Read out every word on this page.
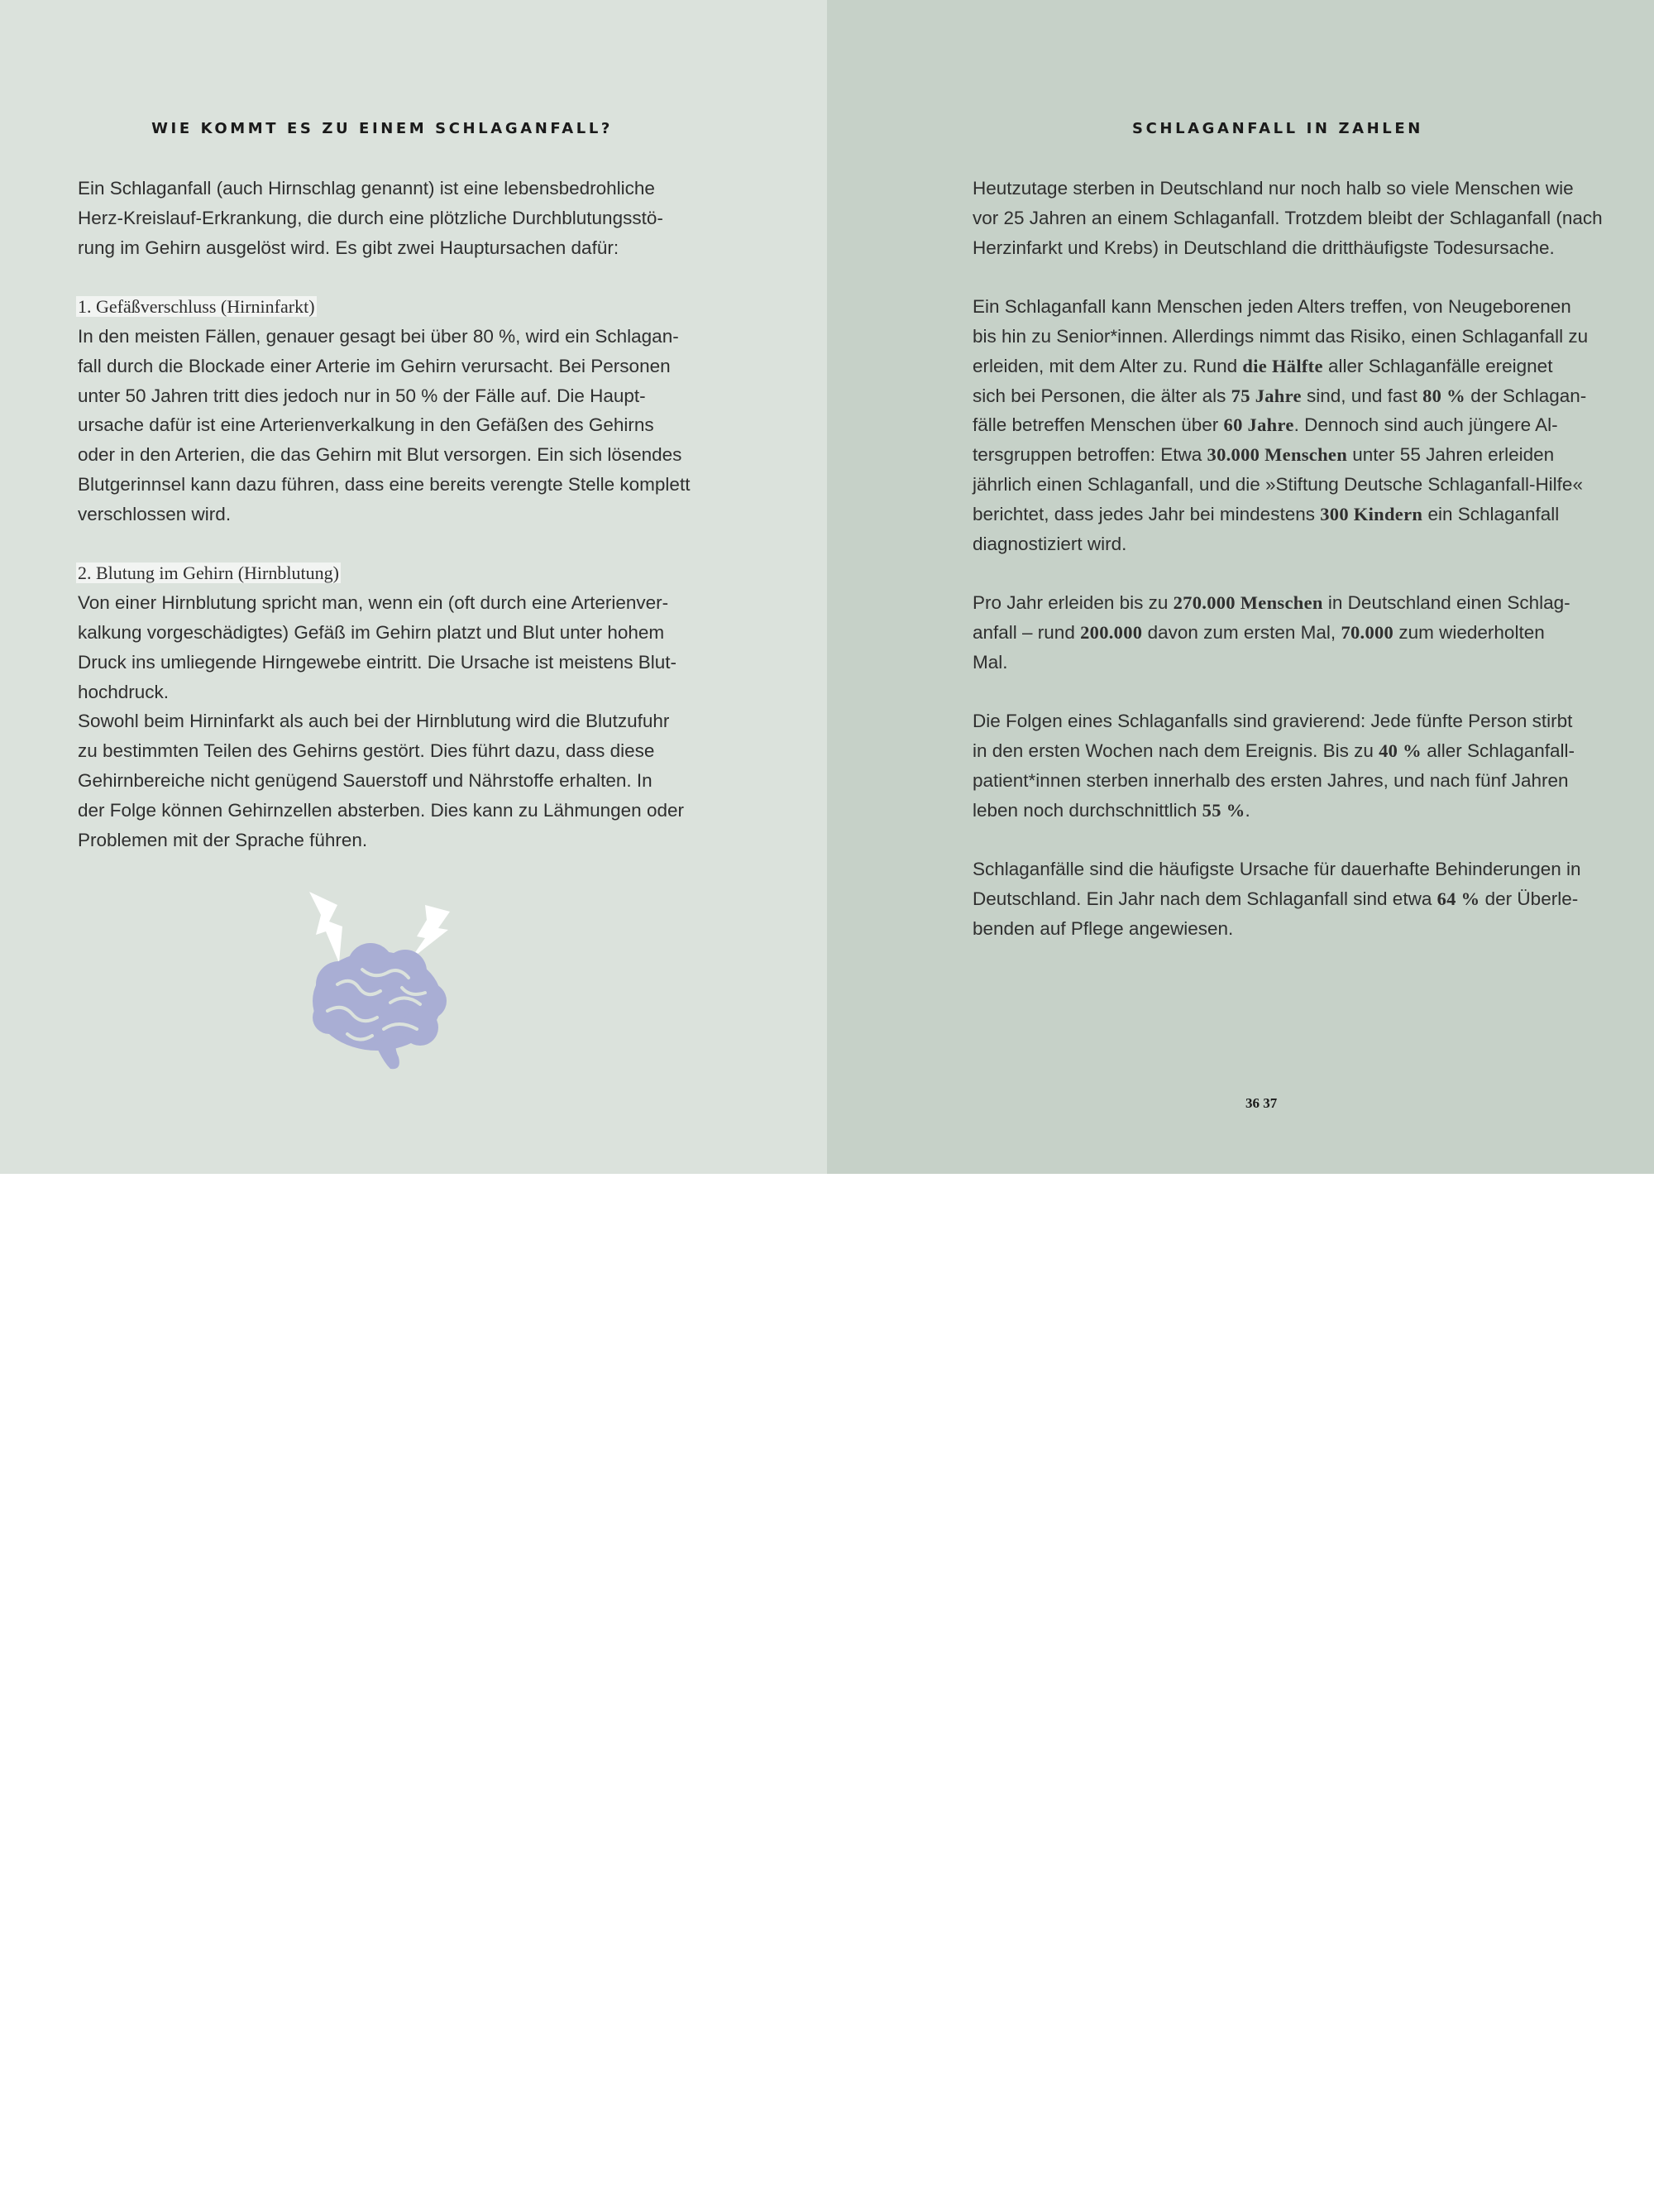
WIE KOMMT ES ZU EINEM SCHLAGANFALL?
Ein Schlaganfall (auch Hirnschlag genannt) ist eine lebensbedrohliche
Herz-Kreislauf-Erkrankung, die durch eine plötzliche Durchblutungsstö-
rung im Gehirn ausgelöst wird. Es gibt zwei Hauptursachen dafür:
1. Gefäßverschluss (Hirninfarkt)
In den meisten Fällen, genauer gesagt bei über 80 %, wird ein Schlagan-
fall durch die Blockade einer Arterie im Gehirn verursacht. Bei Personen
unter 50 Jahren tritt dies jedoch nur in 50 % der Fälle auf. Die Haupt-
ursache dafür ist eine Arterienverkalkung in den Gefäßen des Gehirns
oder in den Arterien, die das Gehirn mit Blut versorgen. Ein sich lösendes
Blutgerinnsel kann dazu führen, dass eine bereits verengte Stelle komplett
verschlossen wird.
2. Blutung im Gehirn (Hirnblutung)
Von einer Hirnblutung spricht man, wenn ein (oft durch eine Arterienver-
kalkung vorgeschädigtes) Gefäß im Gehirn platzt und Blut unter hohem
Druck ins umliegende Hirngewebe eintritt. Die Ursache ist meistens Blut-
hochdruck.
Sowohl beim Hirninfarkt als auch bei der Hirnblutung wird die Blutzufuhr
zu bestimmten Teilen des Gehirns gestört. Dies führt dazu, dass diese
Gehirnbereiche nicht genügend Sauerstoff und Nährstoffe erhalten. In
der Folge können Gehirnzellen absterben. Dies kann zu Lähmungen oder
Problemen mit der Sprache führen.
SCHLAGANFALL IN ZAHLEN
Heutzutage sterben in Deutschland nur noch halb so viele Menschen wie
vor 25 Jahren an einem Schlaganfall. Trotzdem bleibt der Schlaganfall (nach
Herzinfarkt und Krebs) in Deutschland die dritthäufigste Todesursache.
Ein Schlaganfall kann Menschen jeden Alters treffen, von Neugeborenen
bis hin zu Senior*innen. Allerdings nimmt das Risiko, einen Schlaganfall zu
erleiden, mit dem Alter zu. Rund die Hälfte aller Schlaganfälle ereignet
sich bei Personen, die älter als 75 Jahre sind, und fast 80 % der Schlagan-
fälle betreffen Menschen über 60 Jahre. Dennoch sind auch jüngere Al-
tersgruppen betroffen: Etwa 30.000 Menschen unter 55 Jahren erleiden
jährlich einen Schlaganfall, und die »Stiftung Deutsche Schlaganfall-Hilfe«
berichtet, dass jedes Jahr bei mindestens 300 Kindern ein Schlaganfall
diagnostiziert wird.
Pro Jahr erleiden bis zu 270.000 Menschen in Deutschland einen Schlag-
anfall – rund 200.000 davon zum ersten Mal, 70.000 zum wiederholten
Mal.
Die Folgen eines Schlaganfalls sind gravierend: Jede fünfte Person stirbt
in den ersten Wochen nach dem Ereignis. Bis zu 40 % aller Schlaganfall-
patient*innen sterben innerhalb des ersten Jahres, und nach fünf Jahren
leben noch durchschnittlich 55 %.
Schlaganfälle sind die häufigste Ursache für dauerhafte Behinderungen in
Deutschland. Ein Jahr nach dem Schlaganfall sind etwa 64 % der Überle-
benden auf Pflege angewiesen.
36 37
